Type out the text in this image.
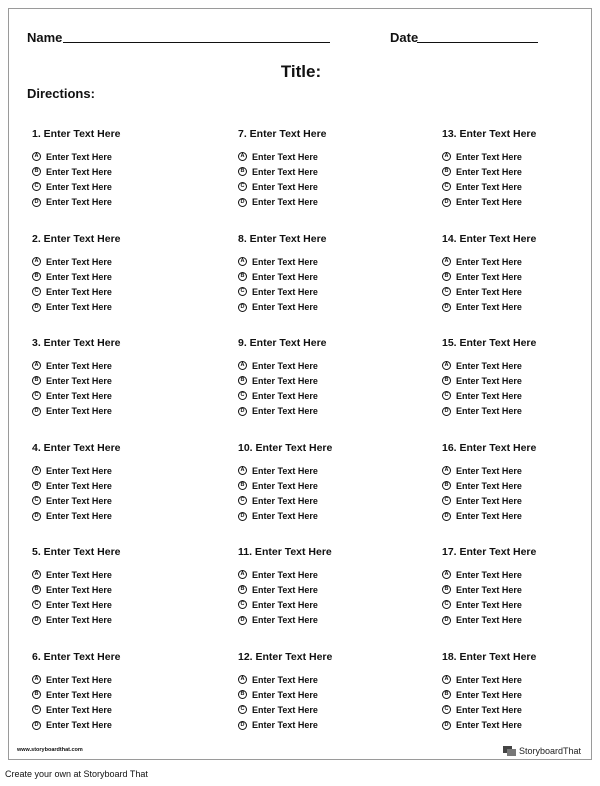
Name	Date
Title:
Directions:
1. Enter Text Here
A Enter Text Here
B Enter Text Here
C Enter Text Here
D Enter Text Here
2. Enter Text Here
A Enter Text Here
B Enter Text Here
C Enter Text Here
D Enter Text Here
3. Enter Text Here
A Enter Text Here
B Enter Text Here
C Enter Text Here
D Enter Text Here
4. Enter Text Here
A Enter Text Here
B Enter Text Here
C Enter Text Here
D Enter Text Here
5. Enter Text Here
A Enter Text Here
B Enter Text Here
C Enter Text Here
D Enter Text Here
6. Enter Text Here
A Enter Text Here
B Enter Text Here
C Enter Text Here
D Enter Text Here
7. Enter Text Here
A Enter Text Here
B Enter Text Here
C Enter Text Here
D Enter Text Here
8. Enter Text Here
A Enter Text Here
B Enter Text Here
C Enter Text Here
D Enter Text Here
9. Enter Text Here
A Enter Text Here
B Enter Text Here
C Enter Text Here
D Enter Text Here
10. Enter Text Here
A Enter Text Here
B Enter Text Here
C Enter Text Here
D Enter Text Here
11. Enter Text Here
A Enter Text Here
B Enter Text Here
C Enter Text Here
D Enter Text Here
12. Enter Text Here
A Enter Text Here
B Enter Text Here
C Enter Text Here
D Enter Text Here
13. Enter Text Here
A Enter Text Here
B Enter Text Here
C Enter Text Here
D Enter Text Here
14. Enter Text Here
A Enter Text Here
B Enter Text Here
C Enter Text Here
D Enter Text Here
15. Enter Text Here
A Enter Text Here
B Enter Text Here
C Enter Text Here
D Enter Text Here
16. Enter Text Here
A Enter Text Here
B Enter Text Here
C Enter Text Here
D Enter Text Here
17. Enter Text Here
A Enter Text Here
B Enter Text Here
C Enter Text Here
D Enter Text Here
18. Enter Text Here
A Enter Text Here
B Enter Text Here
C Enter Text Here
D Enter Text Here
www.storyboardthat.com	StoryboardThat
Create your own at Storyboard That
